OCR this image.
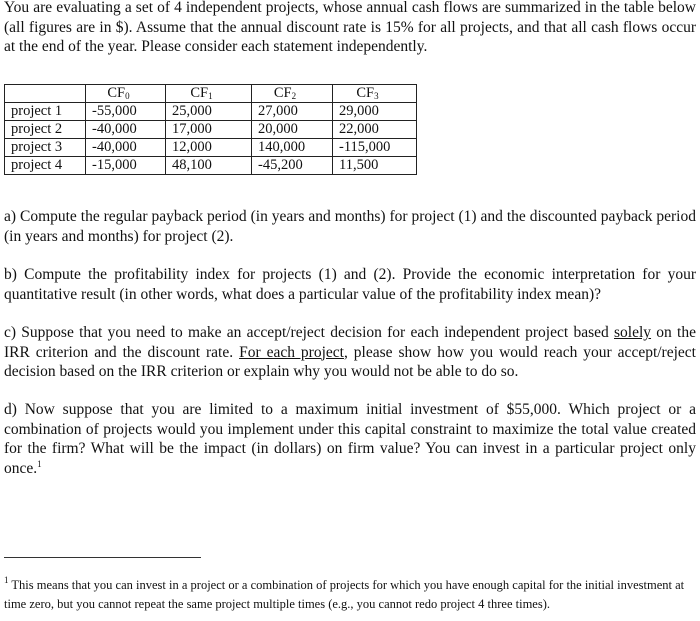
You are evaluating a set of 4 independent projects, whose annual cash flows are summarized in the table below (all figures are in $). Assume that the annual discount rate is 15% for all projects, and that all cash flows occur at the end of the year. Please consider each statement independently.

	$CF_0$	$CF_1$	$CF_2$	$CF_3$
project 1	-55,000	25,000	27,000	29,000
project 2	-40,000	17,000	20,000	22,000
project 3	-40,000	12,000	140,000	-115,000
project 4	-15,000	48,100	-45,200	11,500

a) Compute the regular payback period (in years and months) for project (1) and the discounted payback period (in years and months) for project (2).

b) Compute the profitability index for projects (1) and (2). Provide the economic interpretation for your quantitative result (in other words, what does a particular value of the profitability index mean)?

c) Suppose that you need to make an accept/reject decision for each independent project based solely on the IRR criterion and the discount rate. For each project, please show how you would reach your accept/reject decision based on the IRR criterion or explain why you would not be able to do so.

d) Now suppose that you are limited to a maximum initial investment of $55,000. Which project or a combination of projects would you implement under this capital constraint to maximize the total value created for the firm? What will be the impact (in dollars) on firm value? You can invest in a particular project only once.$^1$

$^1$ This means that you can invest in a project or a combination of projects for which you have enough capital for the initial investment at time zero, but you cannot repeat the same project multiple times (e.g., you cannot redo project 4 three times).
